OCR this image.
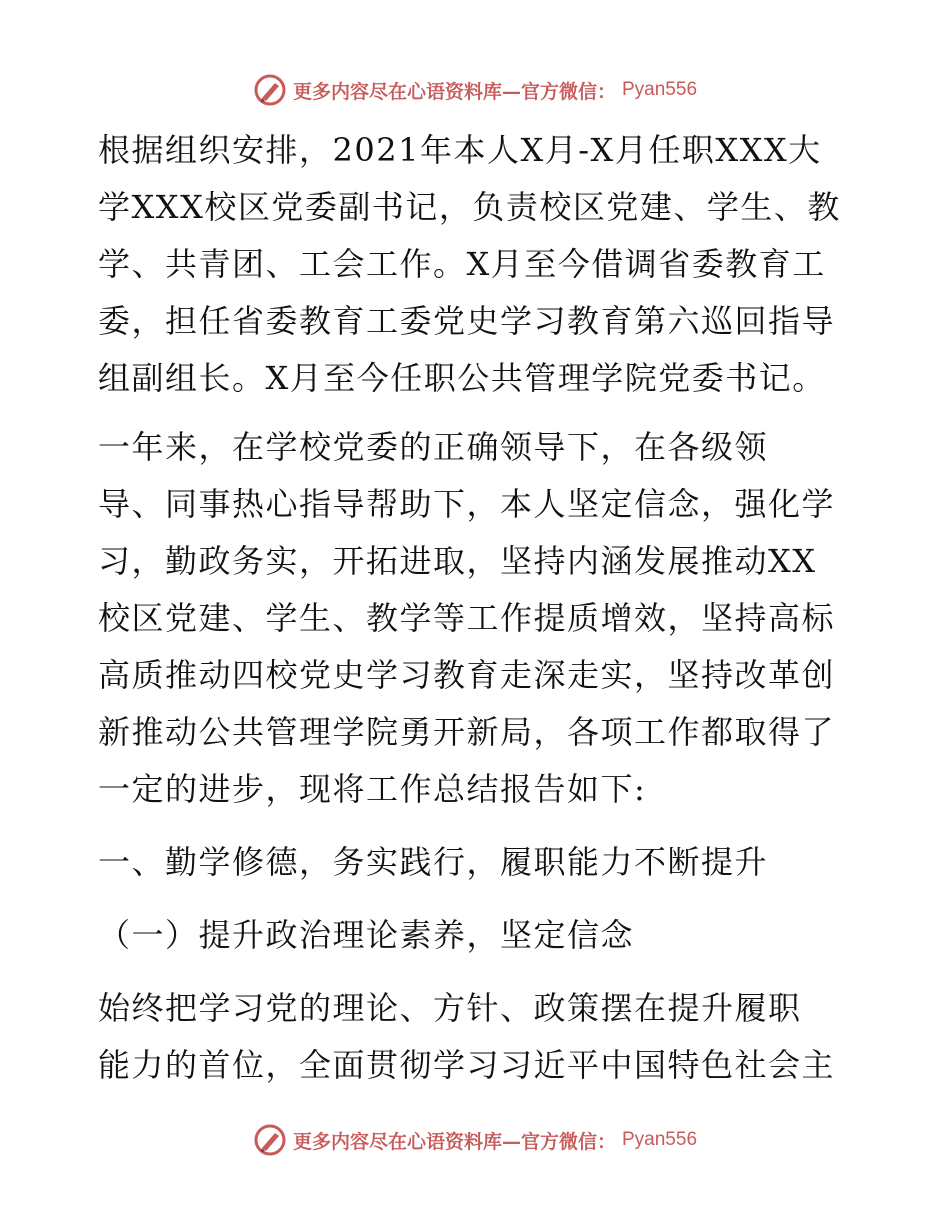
更多内容尽在心语资料库—官方微信： Pyan556
根据组织安排，2021年本人X月-X月任职XXX大
学XXX校区党委副书记，负责校区党建、学生、教
学、共青团、工会工作。X月至今借调省委教育工
委，担任省委教育工委党史学习教育第六巡回指导
组副组长。X月至今任职公共管理学院党委书记。
一年来，在学校党委的正确领导下，在各级领
导、同事热心指导帮助下，本人坚定信念，强化学
习，勤政务实，开拓进取，坚持内涵发展推动XX
校区党建、学生、教学等工作提质增效，坚持高标
高质推动四校党史学习教育走深走实，坚持改革创
新推动公共管理学院勇开新局，各项工作都取得了
一定的进步，现将工作总结报告如下:
一、勤学修德，务实践行，履职能力不断提升
（一）提升政治理论素养，坚定信念
始终把学习党的理论、方针、政策摆在提升履职
能力的首位，全面贯彻学习习近平中国特色社会主
更多内容尽在心语资料库—官方微信： Pyan556
